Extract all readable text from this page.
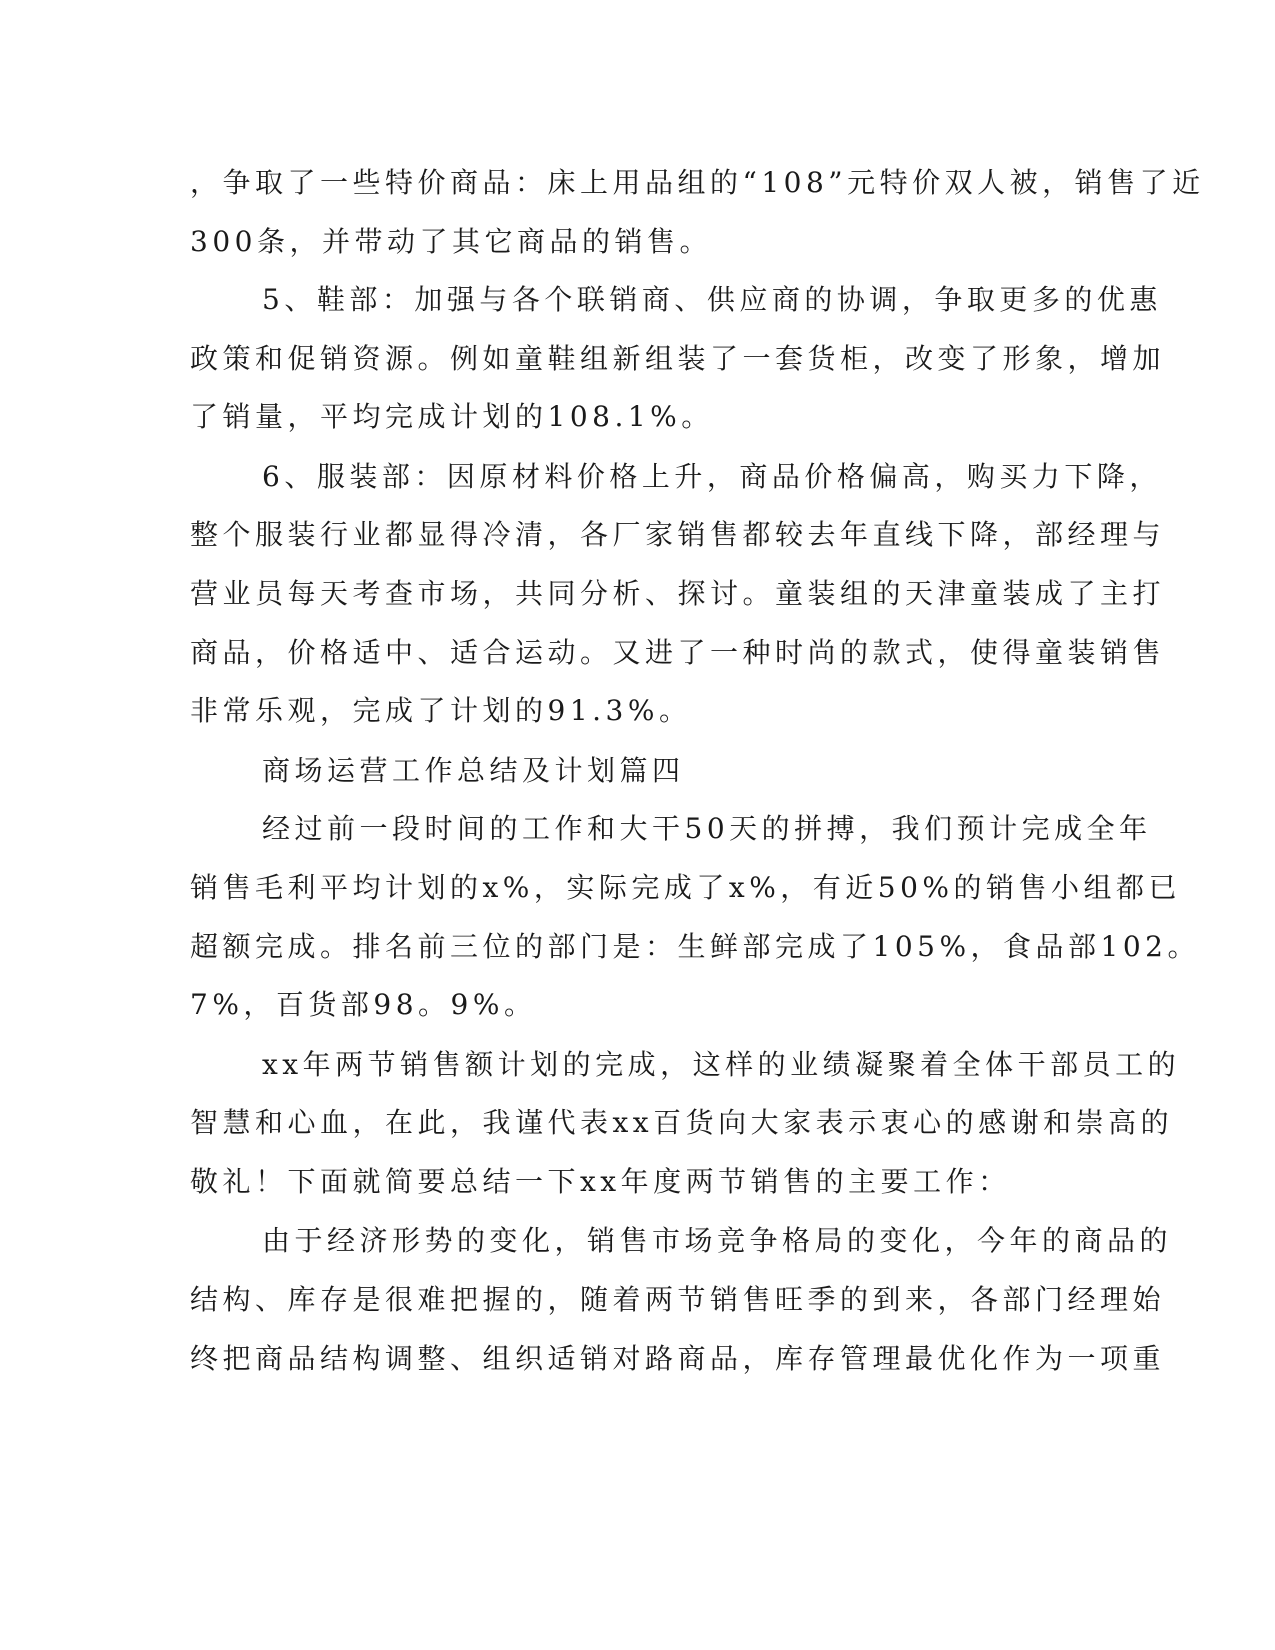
，争取了一些特价商品：床上用品组的“108”元特价双人被，销售了近
300条，并带动了其它商品的销售。
5、鞋部：加强与各个联销商、供应商的协调，争取更多的优惠
政策和促销资源。例如童鞋组新组装了一套货柜，改变了形象，增加
了销量，平均完成计划的108.1%。
6、服装部：因原材料价格上升，商品价格偏高，购买力下降，
整个服装行业都显得冷清，各厂家销售都较去年直线下降，部经理与
营业员每天考查市场，共同分析、探讨。童装组的天津童装成了主打
商品，价格适中、适合运动。又进了一种时尚的款式，使得童装销售
非常乐观，完成了计划的91.3%。
商场运营工作总结及计划篇四
经过前一段时间的工作和大干50天的拼搏，我们预计完成全年
销售毛利平均计划的x%，实际完成了x%，有近50%的销售小组都已
超额完成。排名前三位的部门是：生鲜部完成了105%，食品部102。
7%，百货部98。9%。
xx年两节销售额计划的完成，这样的业绩凝聚着全体干部员工的
智慧和心血，在此，我谨代表xx百货向大家表示衷心的感谢和崇高的
敬礼！下面就简要总结一下xx年度两节销售的主要工作：
由于经济形势的变化，销售市场竞争格局的变化，今年的商品的
结构、库存是很难把握的，随着两节销售旺季的到来，各部门经理始
终把商品结构调整、组织适销对路商品，库存管理最优化作为一项重
